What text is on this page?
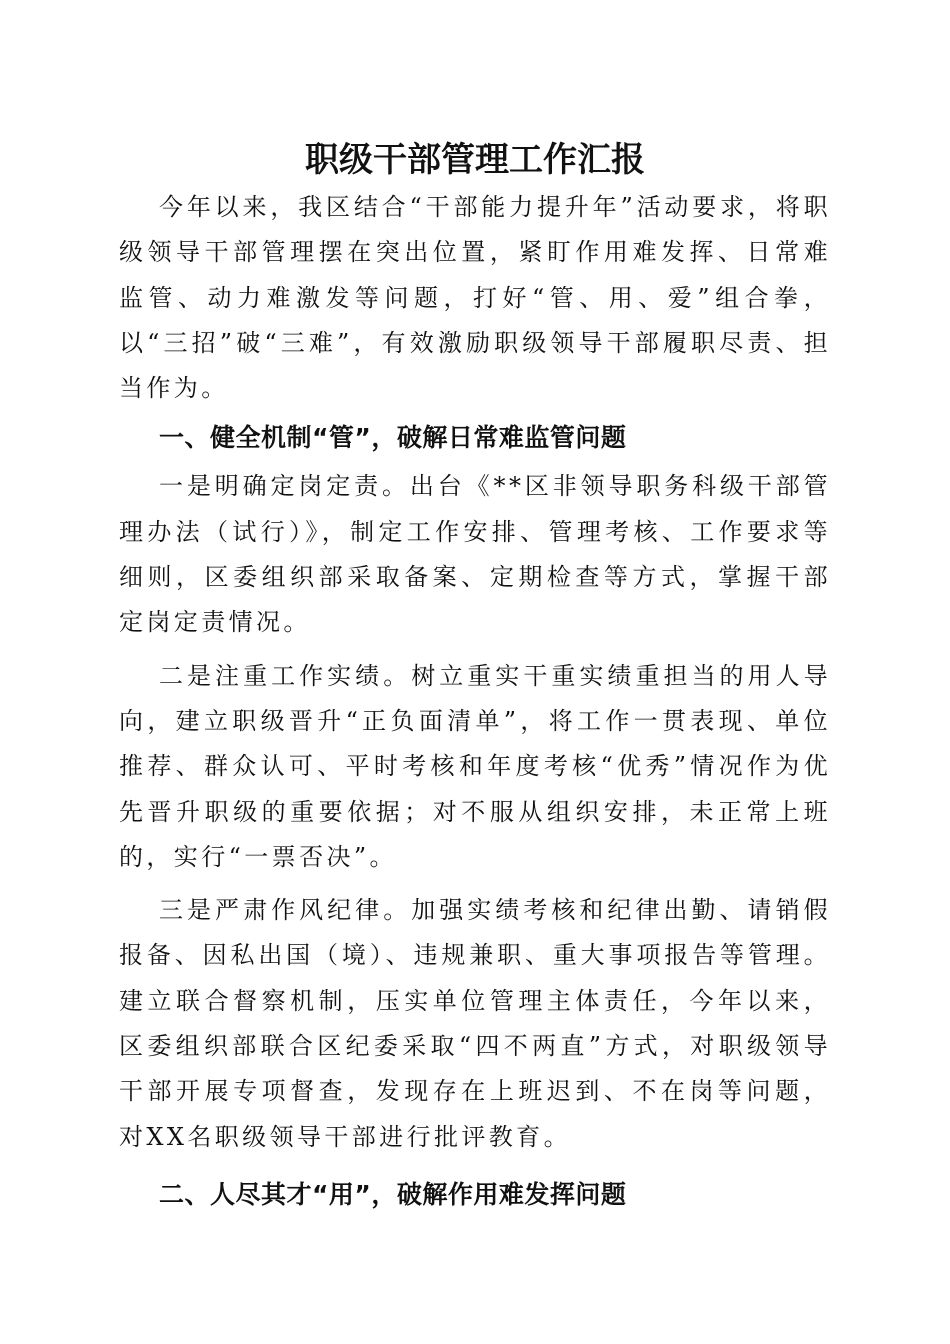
职级干部管理工作汇报

今年以来，我区结合“干部能力提升年”活动要求，将职级领导干部管理摆在突出位置，紧盯作用难发挥、日常难监管、动力难激发等问题，打好“管、用、爱”组合拳，以“三招”破“三难”，有效激励职级领导干部履职尽责、担当作为。

一、健全机制“管”，破解日常难监管问题

一是明确定岗定责。出台《**区非领导职务科级干部管理办法（试行）》，制定工作安排、管理考核、工作要求等细则，区委组织部采取备案、定期检查等方式，掌握干部定岗定责情况。

二是注重工作实绩。树立重实干重实绩重担当的用人导向，建立职级晋升“正负面清单”，将工作一贯表现、单位推荐、群众认可、平时考核和年度考核“优秀”情况作为优先晋升职级的重要依据；对不服从组织安排，未正常上班的，实行“一票否决”。

三是严肃作风纪律。加强实绩考核和纪律出勤、请销假报备、因私出国（境）、违规兼职、重大事项报告等管理。建立联合督察机制，压实单位管理主体责任，今年以来，区委组织部联合区纪委采取“四不两直”方式，对职级领导干部开展专项督查，发现存在上班迟到、不在岗等问题，对XX名职级领导干部进行批评教育。

二、人尽其才“用”，破解作用难发挥问题
